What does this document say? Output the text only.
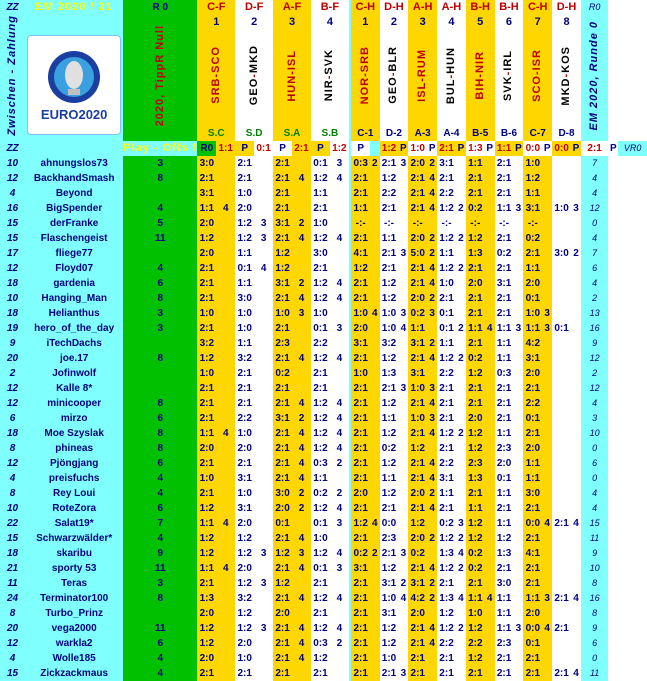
ZZ	EM 2020 / 21	R 0	C-F		D-F		A-F		B-F			C-H		D-H		A-H		A-H		B-H		B-H		C-H		D-H		R0		
Zwischen - Zahlung	EURO2020	2020, TippR Null	1		2		3		4			1		2		3		4		5		6		7		8		EM 2020, Runde 0		
			SRB-SCO		GEO-MKD		HUN-ISL		NIR-SVK			NOR-SRB		GEO-BLR		ISL-RUM		BUL-HUN		BIH-NIR		SVK-IRL		SCO-ISR		MKD-KOS				

			S.C		S.D		S.A		S.B			C-1		D-2		A-3		A-4		B-5		B-6		C-7		D-8				
ZZ		Play - Offs !	R0	1:1	P	0:1	P	2:1	P	1:2		P		1:2	P	1:0	P	2:1	P	1:3	P	1:1	P	0:0	P	0:0	P	2:1	P	VR0
10	ahnungslos73	3	3:0		2:1		2:1		0:1	3		0:3	2	2:1	3	2:0	2	3:1		1:1		2:1		1:0				7		
12	BackhandSmash	8	2:1		2:1		2:1	4	1:2	4		2:1		1:2		2:1	4	2:1		2:1		2:1		1:2				4		
4	Beyond		3:1		1:0		2:1		1:1			2:1		2:2		2:1	4	2:2		2:1		2:1		1:1				4		
16	BigSpender	4	1:1	4	2:0		2:1		2:1			1:1		2:1		2:1	4	1:2	2	0:2		1:1	3	3:1		1:0	3	12		
15	derFranke	5	2:0		1:2	3	3:1	2	1:0			-:-		-:-		-:-		-:-		-:-		-:-		-:-				0		
15	Flaschengeist	11	1:2		1:2	3	2:1	4	1:2	4		2:1		1:1		2:0	2	1:2	2	1:2		2:1		0:2				4		
17	fliege77		2:0		1:1		1:2		3:0			4:1		2:1	3	5:0	2	1:1		1:3		0:2		2:1		3:0	2	7		
12	Floyd07	4	2:1		0:1	4	1:2		2:1			1:2		2:1		2:1	4	1:2	2	2:1		2:1		1:1				6		
18	gardenia	6	2:1		1:1		3:1	2	1:2	4		2:1		1:2		2:1	4	1:0		2:0		3:1		2:0				4		
10	Hanging_Man	8	2:1		3:0		2:1	4	1:2	4		2:1		1:2		2:0	2	2:1		2:1		2:1		0:1				2		
18	Helianthus	3	1:0		1:0		1:0	3	1:0			1:0	4	1:0	3	0:2	3	0:1		2:1		2:1		1:0	3			13		
19	hero_of_the_day	3	2:1		1:0		2:1		0:1	3		2:0		1:0	4	1:1		0:1	2	1:1	4	1:1	3	1:1	3	0:1		16		
9	iTechDachs		3:2		1:1		2:3		2:2			3:1		3:2		3:1	2	1:1		2:1		1:1		4:2				9		
20	joe.17	8	1:2		3:2		2:1	4	1:2	4		2:1		1:2		2:1	4	1:2	2	0:2		1:1		3:1				12		
2	Jofinwolf		1:0		2:1		0:2		2:1			1:0		1:3		3:1		2:2		1:2		0:3		2:0				2		
12	Kalle 8*		2:1		2:1		2:1		2:1			2:1		2:1	3	1:0	3	2:1		2:1		2:1		2:1				12		
12	minicooper	8	2:1		2:1		2:1	4	1:2	4		2:1		1:2		2:1	4	2:1		2:1		2:1		2:2				4		
6	mirzo	6	2:1		2:2		3:1	2	1:2	4		2:1		1:1		1:0	3	2:1		2:0		2:1		0:1				3		
18	Moe Szyslak	8	1:1	4	1:0		2:1	4	1:2	4		2:1		1:2		2:1	4	1:2	2	1:2		1:1		2:1				10		
8	phineas	8	2:0		2:0		2:1	4	1:2	4		2:1		0:2		1:2		2:1		1:2		2:3		2:0				0		
12	Pjöngjang	6	2:1		2:1		2:1	4	0:3	2		2:1		1:2		2:1	4	2:2		2:3		2:0		1:1				6		
4	preisfuchs	4	1:0		3:1		2:1	4	1:1			2:1		1:1		2:1	4	3:1		1:3		0:1		1:1				0		
8	Rey Loui	4	2:1		1:0		3:0	2	0:2	2		2:0		1:2		2:0	2	1:1		2:1		1:1		3:0				4		
10	RoteZora	6	1:2		3:1		2:0	2	1:2	4		2:1		2:1		2:1	4	2:1		1:1		2:1		2:1				4		
22	Salat19*	7	1:1	4	2:0		0:1		0:1	3		1:2	4	0:0		1:2		0:2	3	1:2		1:1		0:0	4	2:1	4	15		
15	Schwarzwälder*	4	1:2		1:2		2:1	4	1:0			2:1		2:3		2:0	2	1:2	2	1:2		1:2		2:1				11		
18	skaribu	9	1:2		1:2	3	1:2	3	1:2	4		0:2	2	2:1	3	0:2		1:3	4	0:2		1:3		4:1				9		
21	sporty 53	11	1:1	4	2:0		2:1	4	0:1	3		3:1		1:2		2:1	4	1:2	2	0:2		2:1		2:1				10		
11	Teras	3	2:1		1:2	3	1:2		2:1			2:1		3:1	2	3:1	2	2:1		2:1		3:0		2:1				8		
24	Terminator100	8	1:3		3:2		2:1	4	1:2	4		2:1		1:0	4	4:2	2	1:3	4	1:1	4	1:1		1:1	3	2:1	4	16		
8	Turbo_Prinz		2:0		1:2		2:0		2:1			2:1		3:1		2:0		1:2		1:0		1:1		2:0				8		
20	vega2000	11	1:2		1:2	3	2:1	4	1:2	4		2:1		1:2		2:1	4	1:2	2	1:2		1:1	3	0:0	4	2:1		9		
12	warkla2	6	1:2		2:0		2:1	4	0:3	2		2:1		1:2		2:1	4	2:2		2:2		2:3		0:1				6		
4	Wolle185	4	2:0		1:0		2:1	4	1:2			2:1		1:0		2:1		2:1		1:2		2:1		2:1				0		
15	Zickzackmaus	4	2:1		2:1		2:1		2:1			2:1		2:1	3	2:1		2:1		2:1		2:1		2:1		2:1	4	11		
